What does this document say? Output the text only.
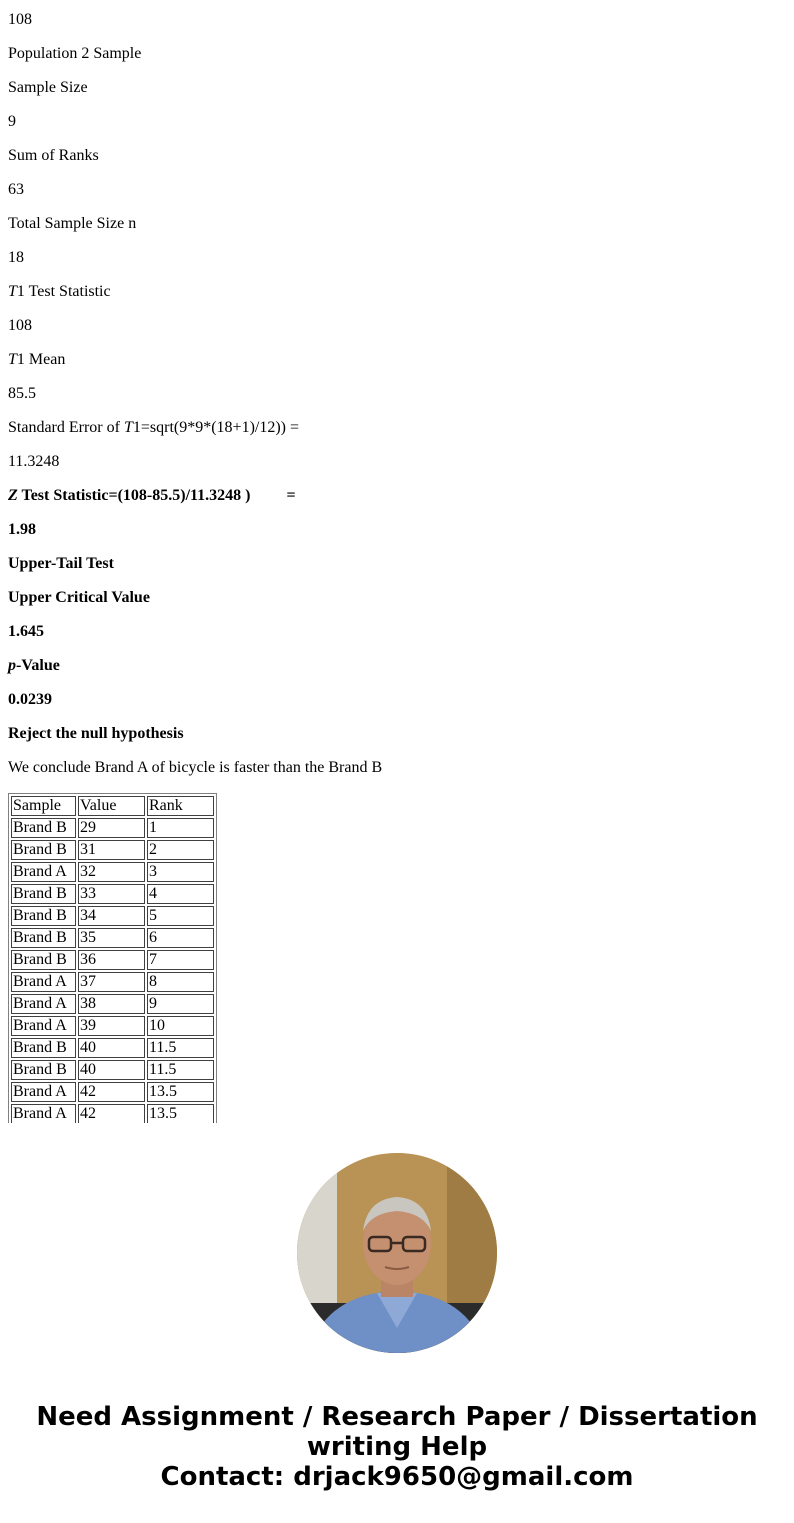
108
Population 2 Sample
Sample Size
9
Sum of Ranks
63
Total Sample Size n
18
T1 Test Statistic
108
T1 Mean
85.5
Standard Error of T1=sqrt(9*9*(18+1)/12)) =
11.3248
Z Test Statistic=(108-85.5)/11.3248 ) =
1.98
Upper-Tail Test
Upper Critical Value
1.645
p-Value
0.0239
Reject the null hypothesis
We conclude Brand A of bicycle is faster than the Brand B
Sample	Value	Rank
Brand B	29	1
Brand B	31	2
Brand A	32	3
Brand B	33	4
Brand B	34	5
Brand B	35	6
Brand B	36	7
Brand A	37	8
Brand A	38	9
Brand A	39	10
Brand B	40	11.5
Brand B	40	11.5
Brand A	42	13.5
Brand A	42	13.5
Need Assignment / Research Paper / Dissertation
writing Help
Contact: drjack9650@gmail.com
